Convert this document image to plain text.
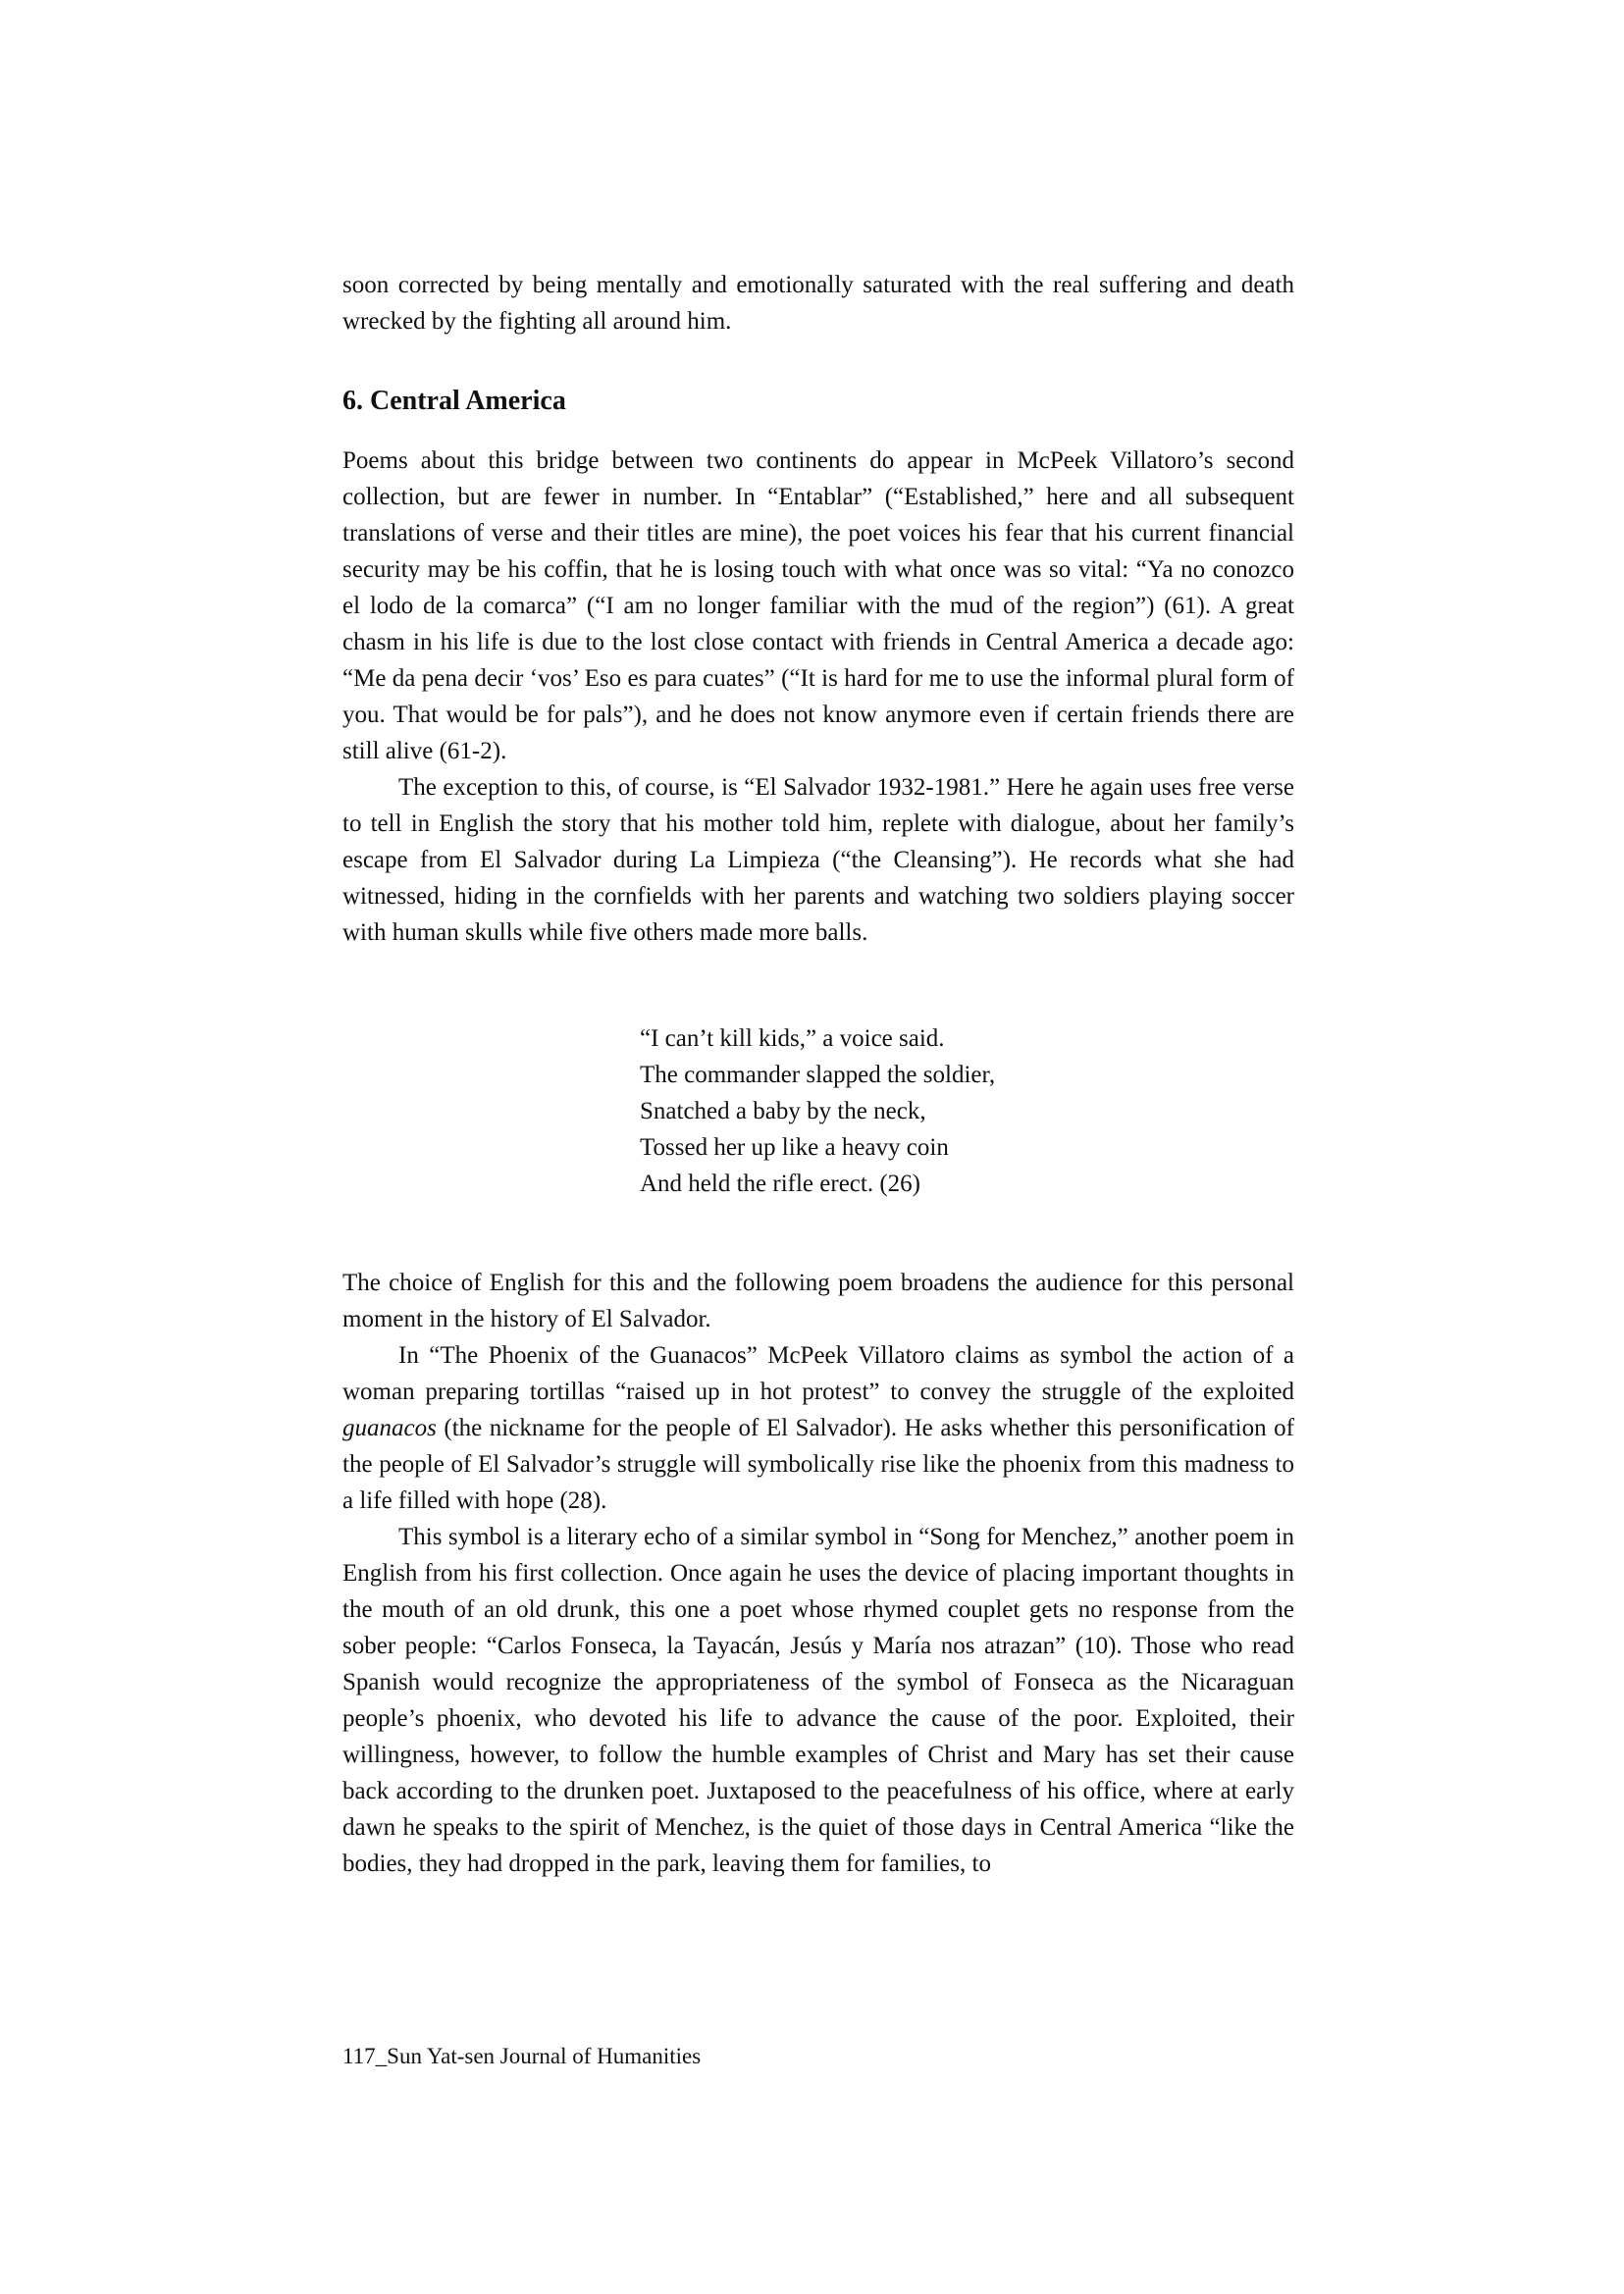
soon corrected by being mentally and emotionally saturated with the real suffering and death wrecked by the fighting all around him.

6. Central America

Poems about this bridge between two continents do appear in McPeek Villatoro’s second collection, but are fewer in number. In “Entablar” (“Established,” here and all subsequent translations of verse and their titles are mine), the poet voices his fear that his current financial security may be his coffin, that he is losing touch with what once was so vital: “Ya no conozco el lodo de la comarca” (“I am no longer familiar with the mud of the region”) (61). A great chasm in his life is due to the lost close contact with friends in Central America a decade ago: “Me da pena decir ‘vos’ Eso es para cuates” (“It is hard for me to use the informal plural form of you. That would be for pals”), and he does not know anymore even if certain friends there are still alive (61-2).

The exception to this, of course, is “El Salvador 1932-1981.” Here he again uses free verse to tell in English the story that his mother told him, replete with dialogue, about her family’s escape from El Salvador during La Limpieza (“the Cleansing”). He records what she had witnessed, hiding in the cornfields with her parents and watching two soldiers playing soccer with human skulls while five others made more balls.

“I can’t kill kids,” a voice said.
The commander slapped the soldier,
Snatched a baby by the neck,
Tossed her up like a heavy coin
And held the rifle erect. (26)

The choice of English for this and the following poem broadens the audience for this personal moment in the history of El Salvador.

In “The Phoenix of the Guanacos” McPeek Villatoro claims as symbol the action of a woman preparing tortillas “raised up in hot protest” to convey the struggle of the exploited guanacos (the nickname for the people of El Salvador). He asks whether this personification of the people of El Salvador’s struggle will symbolically rise like the phoenix from this madness to a life filled with hope (28).

This symbol is a literary echo of a similar symbol in “Song for Menchez,” another poem in English from his first collection. Once again he uses the device of placing important thoughts in the mouth of an old drunk, this one a poet whose rhymed couplet gets no response from the sober people: “Carlos Fonseca, la Tayacán, Jesús y María nos atrazan” (10). Those who read Spanish would recognize the appropriateness of the symbol of Fonseca as the Nicaraguan people’s phoenix, who devoted his life to advance the cause of the poor. Exploited, their willingness, however, to follow the humble examples of Christ and Mary has set their cause back according to the drunken poet. Juxtaposed to the peacefulness of his office, where at early dawn he speaks to the spirit of Menchez, is the quiet of those days in Central America “like the bodies, they had dropped in the park, leaving them for families, to

117_Sun Yat-sen Journal of Humanities
